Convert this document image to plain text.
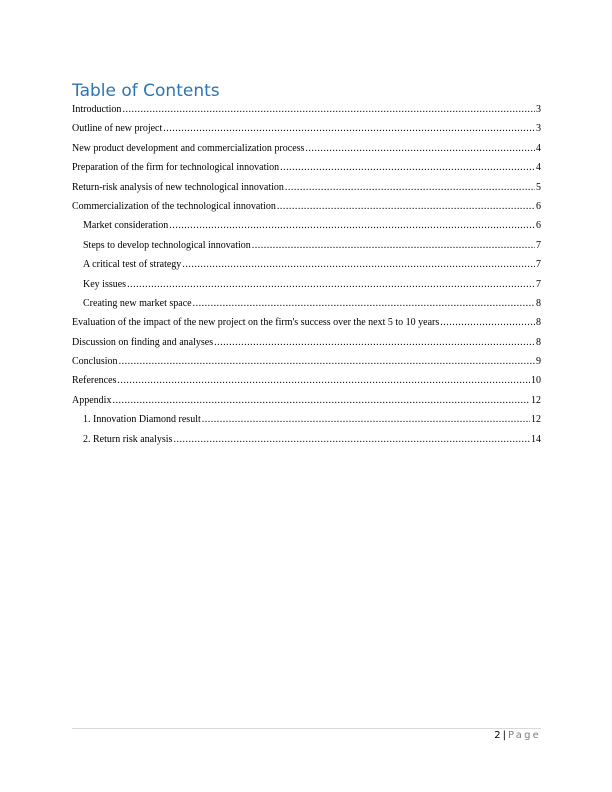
Table of Contents
Introduction .....	3
Outline of new project .....	3
New product development and commercialization process .....	4
Preparation of the firm for technological innovation .....	4
Return-risk analysis of new technological innovation .....	5
Commercialization of the technological innovation .....	6
Market consideration .....	6
Steps to develop technological innovation .....	7
A critical test of strategy .....	7
Key issues .....	7
Creating new market space .....	8
Evaluation of the impact of the new project on the firm's success over the next 5 to 10 years .....	8
Discussion on finding and analyses .....	8
Conclusion .....	9
References .....	10
Appendix .....	12
1. Innovation Diamond result .....	12
2. Return risk analysis .....	14
2 | Page
